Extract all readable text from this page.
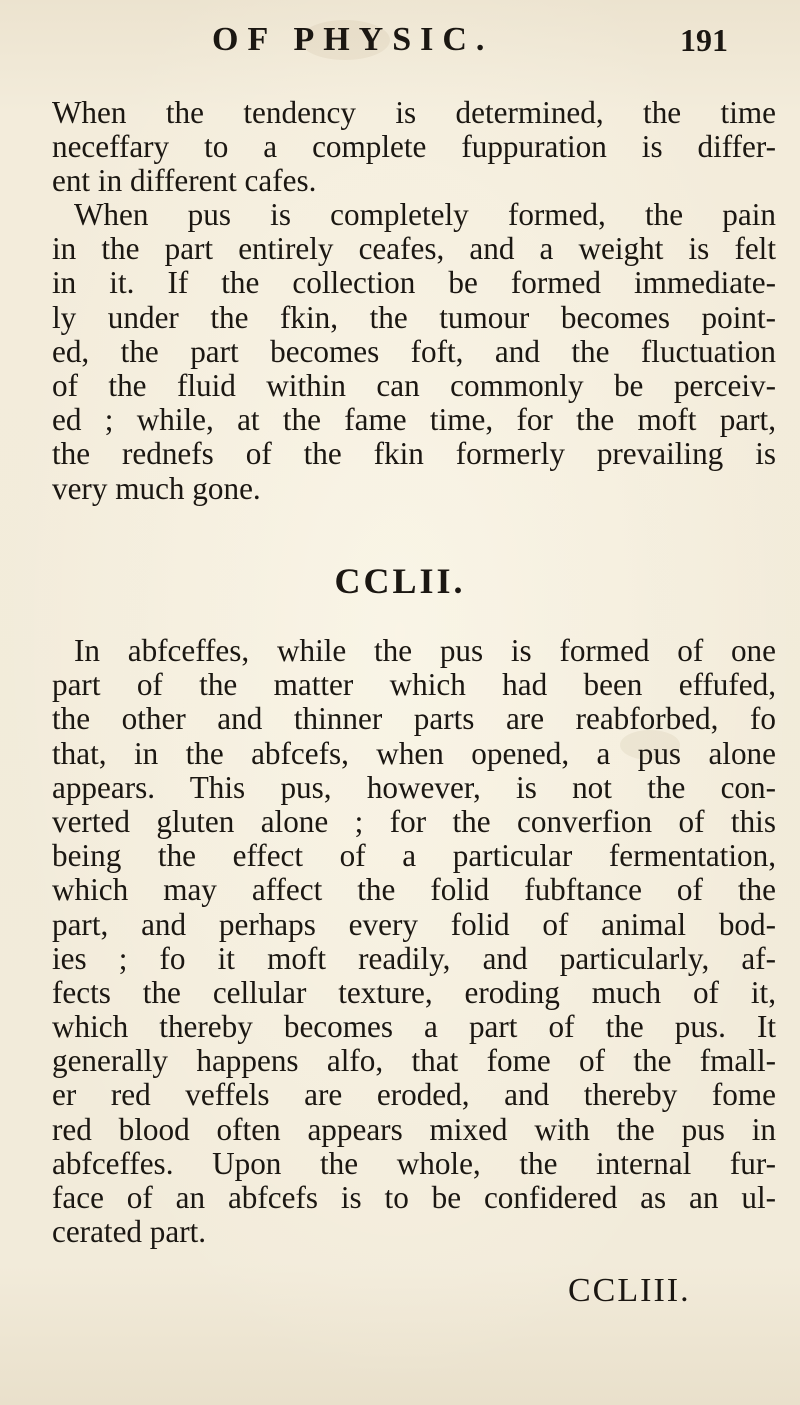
OF PHYSIC.	191
When the tendency is determined, the time
neceffary to a complete fuppuration is differ-
ent in different cafes.
When pus is completely formed, the pain
in the part entirely ceafes, and a weight is felt
in it. If the collection be formed immediate-
ly under the fkin, the tumour becomes point-
ed, the part becomes foft, and the fluctuation
of the fluid within can commonly be perceiv-
ed ; while, at the fame time, for the moft part,
the rednefs of the fkin formerly prevailing is
very much gone.
CCLII.
In abfceffes, while the pus is formed of one
part of the matter which had been effufed,
the other and thinner parts are reabforbed, fo
that, in the abfcefs, when opened, a pus alone
appears. This pus, however, is not the con-
verted gluten alone ; for the converfion of this
being the effect of a particular fermentation,
which may affect the folid fubftance of the
part, and perhaps every folid of animal bod-
ies ; fo it moft readily, and particularly, af-
fects the cellular texture, eroding much of it,
which thereby becomes a part of the pus. It
generally happens alfo, that fome of the fmall-
er red veffels are eroded, and thereby fome
red blood often appears mixed with the pus in
abfceffes. Upon the whole, the internal fur-
face of an abfcefs is to be confidered as an ul-
cerated part.
CCLIII.
